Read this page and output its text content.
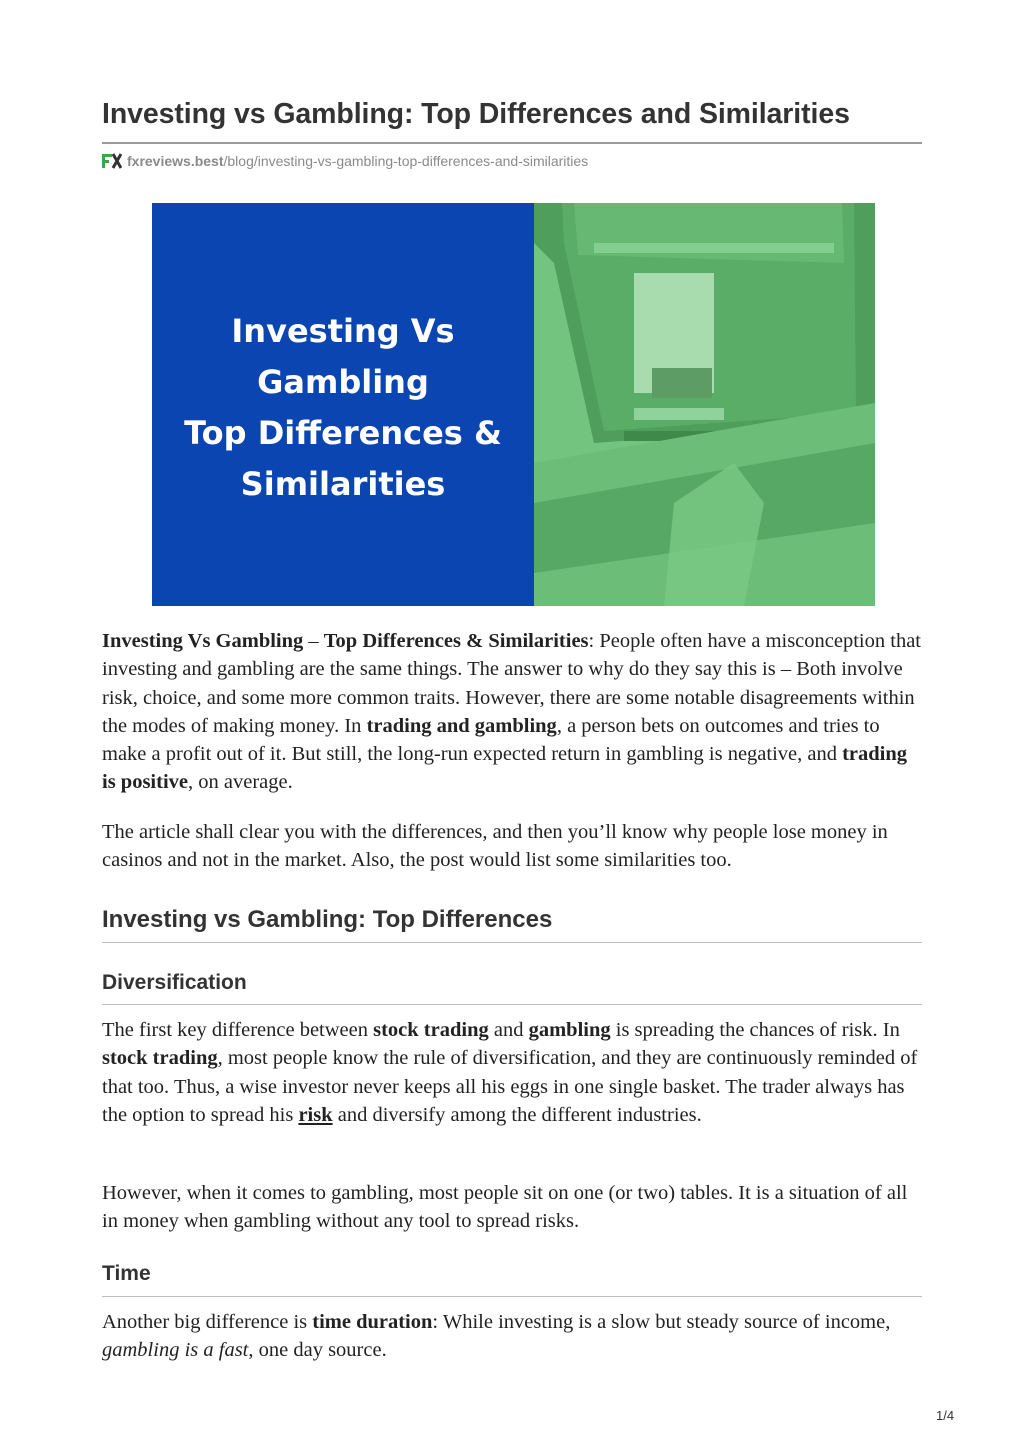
Investing vs Gambling: Top Differences and Similarities
fxreviews.best /blog/investing-vs-gambling-top-differences-and-similarities
Investing Vs
Gambling
Top Differences &
Similarities

Investing Vs Gambling – Top Differences & Similarities: People often have a misconception that investing and gambling are the same things. The answer to why do they say this is – Both involve risk, choice, and some more common traits. However, there are some notable disagreements within the modes of making money. In trading and gambling, a person bets on outcomes and tries to make a profit out of it. But still, the long-run expected return in gambling is negative, and trading is positive, on average.

The article shall clear you with the differences, and then you’ll know why people lose money in casinos and not in the market. Also, the post would list some similarities too.

Investing vs Gambling: Top Differences
Diversification

The first key difference between stock trading and gambling is spreading the chances of risk. In stock trading, most people know the rule of diversification, and they are continuously reminded of that too. Thus, a wise investor never keeps all his eggs in one single basket. The trader always has the option to spread his risk and diversify among the different industries.

However, when it comes to gambling, most people sit on one (or two) tables. It is a situation of all in money when gambling without any tool to spread risks.

Time

Another big difference is time duration: While investing is a slow but steady source of income, gambling is a fast, one day source.

1/4
